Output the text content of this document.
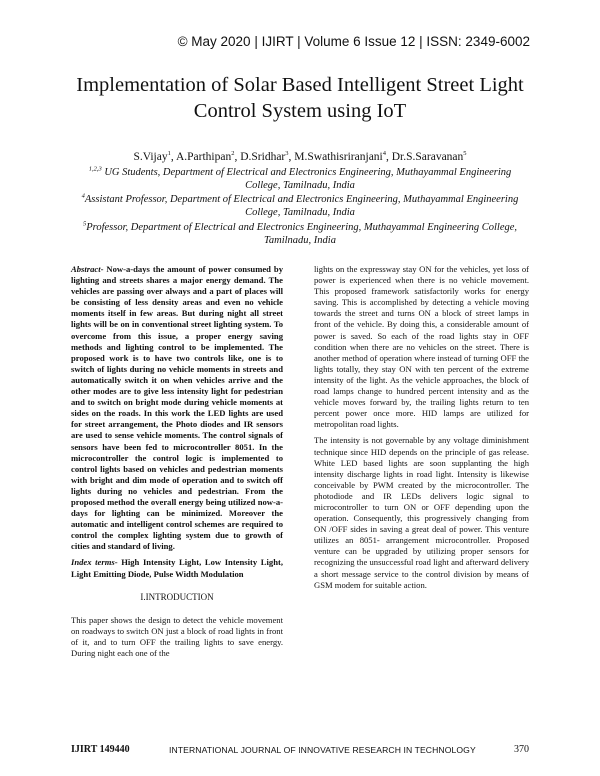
© May 2020 | IJIRT | Volume 6 Issue 12 | ISSN: 2349-6002
Implementation of Solar Based Intelligent Street Light
Control System using IoT
S.Vijay$^1$, A.Parthipan$^2$, D.Sridhar$^3$, M.Swathisriranjani$^4$, Dr.S.Saravanan$^5$
$^{1,2,3}$ UG Students, Department of Electrical and Electronics Engineering, Muthayammal Engineering College, Tamilnadu, India
$^4$Assistant Professor, Department of Electrical and Electronics Engineering, Muthayammal Engineering College, Tamilnadu, India
$^5$Professor, Department of Electrical and Electronics Engineering, Muthayammal Engineering College, Tamilnadu, India

Abstract- Now-a-days the amount of power consumed by lighting and streets shares a major energy demand. The vehicles are passing over always and a part of places will be consisting of less density areas and even no vehicle moments itself in few areas. But during night all street lights will be on in conventional street lighting system. To overcome from this issue, a proper energy saving methods and lighting control to be implemented. The proposed work is to have two controls like, one is to switch of lights during no vehicle moments in streets and automatically switch it on when vehicles arrive and the other modes are to give less intensity light for pedestrian and to switch on bright mode during vehicle moments at sides on the roads. In this work the LED lights are used for street arrangement, the Photo diodes and IR sensors are used to sense vehicle moments. The control signals of sensors have been fed to microcontroller 8051. In the microcontroller the control logic is implemented to control lights based on vehicles and pedestrian moments with bright and dim mode of operation and to switch off lights during no vehicles and pedestrian. From the proposed method the overall energy being utilized now-a-days for lighting can be minimized. Moreover the automatic and intelligent control schemes are required to control the complex lighting system due to growth of cities and standard of living.

Index terms- High Intensity Light, Low Intensity Light, Light Emitting Diode, Pulse Width Modulation

I.INTRODUCTION

This paper shows the design to detect the vehicle movement on roadways to switch ON just a block of road lights in front of it, and to turn OFF the trailing lights to save energy. During night each one of the

lights on the expressway stay ON for the vehicles, yet loss of power is experienced when there is no vehicle movement. This proposed framework satisfactorily works for energy saving. This is accomplished by detecting a vehicle moving towards the street and turns ON a block of street lamps in front of the vehicle. By doing this, a considerable amount of power is saved. So each of the road lights stay in OFF condition when there are no vehicles on the street. There is another method of operation where instead of turning OFF the lights totally, they stay ON with ten percent of the extreme intensity of the light. As the vehicle approaches, the block of road lamps change to hundred percent intensity and as the vehicle moves forward by, the trailing lights return to ten percent power once more. HID lamps are utilized for metropolitan road lights.

The intensity is not governable by any voltage diminishment technique since HID depends on the principle of gas release. White LED based lights are soon supplanting the high intensity discharge lights in road light. Intensity is likewise conceivable by PWM created by the microcontroller. The photodiode and IR LEDs delivers logic signal to microcontroller to turn ON or OFF depending upon the operation. Consequently, this progressively changing from ON /OFF sides in saving a great deal of power. This venture utilizes an 8051- arrangement microcontroller. Proposed venture can be upgraded by utilizing proper sensors for recognizing the unsuccessful road light and afterward delivery a short message service to the control division by means of GSM modem for suitable action.

IJIRT 149440	INTERNATIONAL JOURNAL OF INNOVATIVE RESEARCH IN TECHNOLOGY	370
